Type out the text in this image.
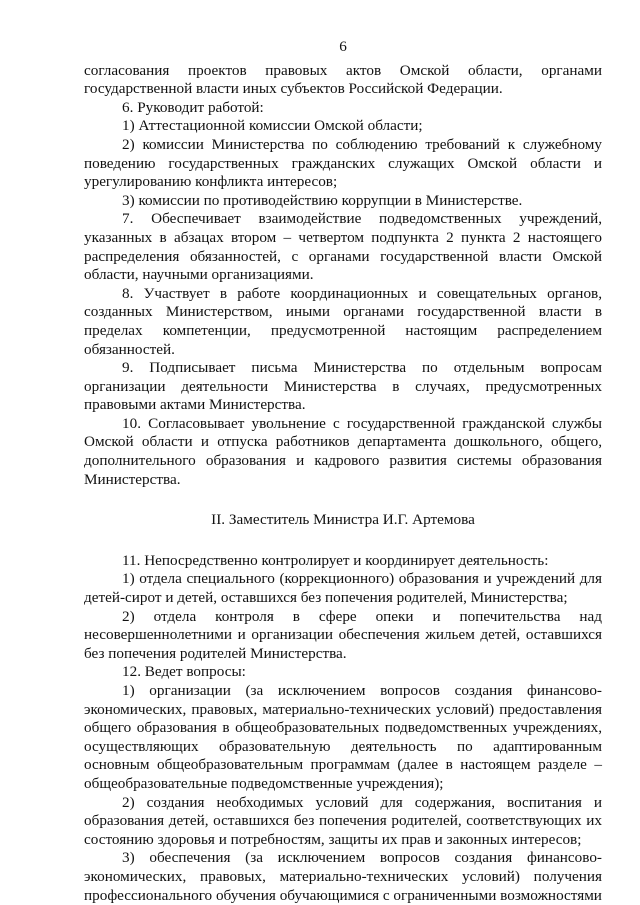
6

согласования проектов правовых актов Омской области, органами государственной власти иных субъектов Российской Федерации.

6. Руководит работой:

1) Аттестационной комиссии Омской области;

2) комиссии Министерства по соблюдению требований к служебному поведению государственных гражданских служащих Омской области и урегулированию конфликта интересов;

3) комиссии по противодействию коррупции в Министерстве.

7. Обеспечивает взаимодействие подведомственных учреждений, указанных в абзацах втором – четвертом подпункта 2 пункта 2 настоящего распределения обязанностей, с органами государственной власти Омской области, научными организациями.

8. Участвует в работе координационных и совещательных органов, созданных Министерством, иными органами государственной власти в пределах компетенции, предусмотренной настоящим распределением обязанностей.

9. Подписывает письма Министерства по отдельным вопросам организации деятельности Министерства в случаях, предусмотренных правовыми актами Министерства.

10. Согласовывает увольнение с государственной гражданской службы Омской области и отпуска работников департамента дошкольного, общего, дополнительного образования и кадрового развития системы образования Министерства.

II. Заместитель Министра И.Г. Артемова

11. Непосредственно контролирует и координирует деятельность:

1) отдела специального (коррекционного) образования и учреждений для детей-сирот и детей, оставшихся без попечения родителей, Министерства;

2) отдела контроля в сфере опеки и попечительства над несовершеннолетними и организации обеспечения жильем детей, оставшихся без попечения родителей Министерства.

12. Ведет вопросы:

1) организации (за исключением вопросов создания финансово-экономических, правовых, материально-технических условий) предоставления общего образования в общеобразовательных подведомственных учреждениях, осуществляющих образовательную деятельность по адаптированным основным общеобразовательным программам (далее в настоящем разделе – общеобразовательные подведомственные учреждения);

2) создания необходимых условий для содержания, воспитания и образования детей, оставшихся без попечения родителей, соответствующих их состоянию здоровья и потребностям, защиты их прав и законных интересов;

3) обеспечения (за исключением вопросов создания финансово-экономических, правовых, материально-технических условий) получения профессионального обучения обучающимися с ограниченными возможностями
